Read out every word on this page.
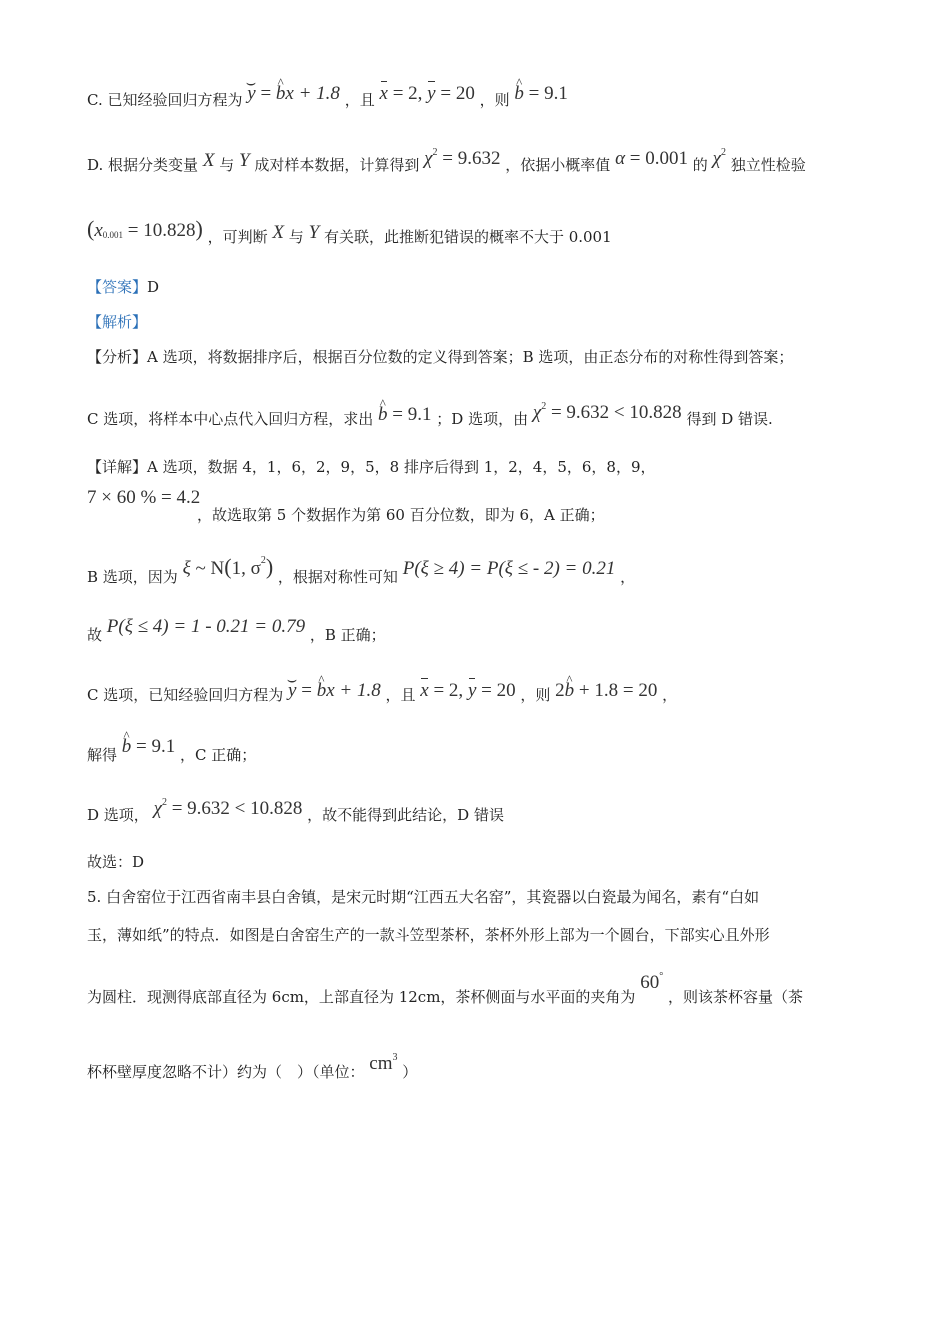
C. 已知经验回归方程为 ⌢ y = ^ bx + 1.8 ，且 x = 2, y = 20 ，则 ^ b = 9.1
D. 根据分类变量 X 与 Y 成对样本数据，计算得到 $\chi^2 = 9.632$ ，依据小概率值 α = 0.001 的 $\chi^2$ 独立性检验
$(x_{0.001} = 10.828)$ ，可判断 X 与 Y 有关联，此推断犯错误的概率不大于 0.001
【答案】D
【解析】
【分析】A 选项，将数据排序后，根据百分位数的定义得到答案；B 选项，由正态分布的对称性得到答案；
C 选项，将样本中心点代入回归方程，求出 ^ b = 9.1 ；D 选项，由 $\chi^2 = 9.632 < 10.828$ 得到 D 错误.
【详解】A 选项，数据 4，1，6，2，9，5，8 排序后得到 1，2，4，5，6，8，9，
7 × 60 % = 4.2
，故选取第 5 个数据作为第 60 百分位数，即为 6，A 正确；
B 选项，因为 ξ ~ N(1, $\sigma^2$) ，根据对称性可知 P(ξ ≥ 4) = P(ξ ≤ - 2) = 0.21 ，
故 P(ξ ≤ 4) = 1 - 0.21 = 0.79 ，B 正确；
C 选项，已知经验回归方程为 ⌢ y = ^ bx + 1.8 ，且 x = 2, y = 20 ，则 2^ b + 1.8 = 20 ，
解得 ^ b = 9.1 ，C 正确；
D 选项， $\chi^2 = 9.632 < 10.828$ ，故不能得到此结论，D 错误
故选：D
5. 白舍窑位于江西省南丰县白舍镇，是宋元时期“江西五大名窑”，其瓷器以白瓷最为闻名，素有“白如
玉，薄如纸”的特点．如图是白舍窑生产的一款斗笠型茶杯，茶杯外形上部为一个圆台，下部实心且外形
为圆柱．现测得底部直径为 6cm，上部直径为 12cm，茶杯侧面与水平面的夹角为 60° ，则该茶杯容量（茶
杯杯壁厚度忽略不计）约为（　）（单位： $cm^3$ ）
